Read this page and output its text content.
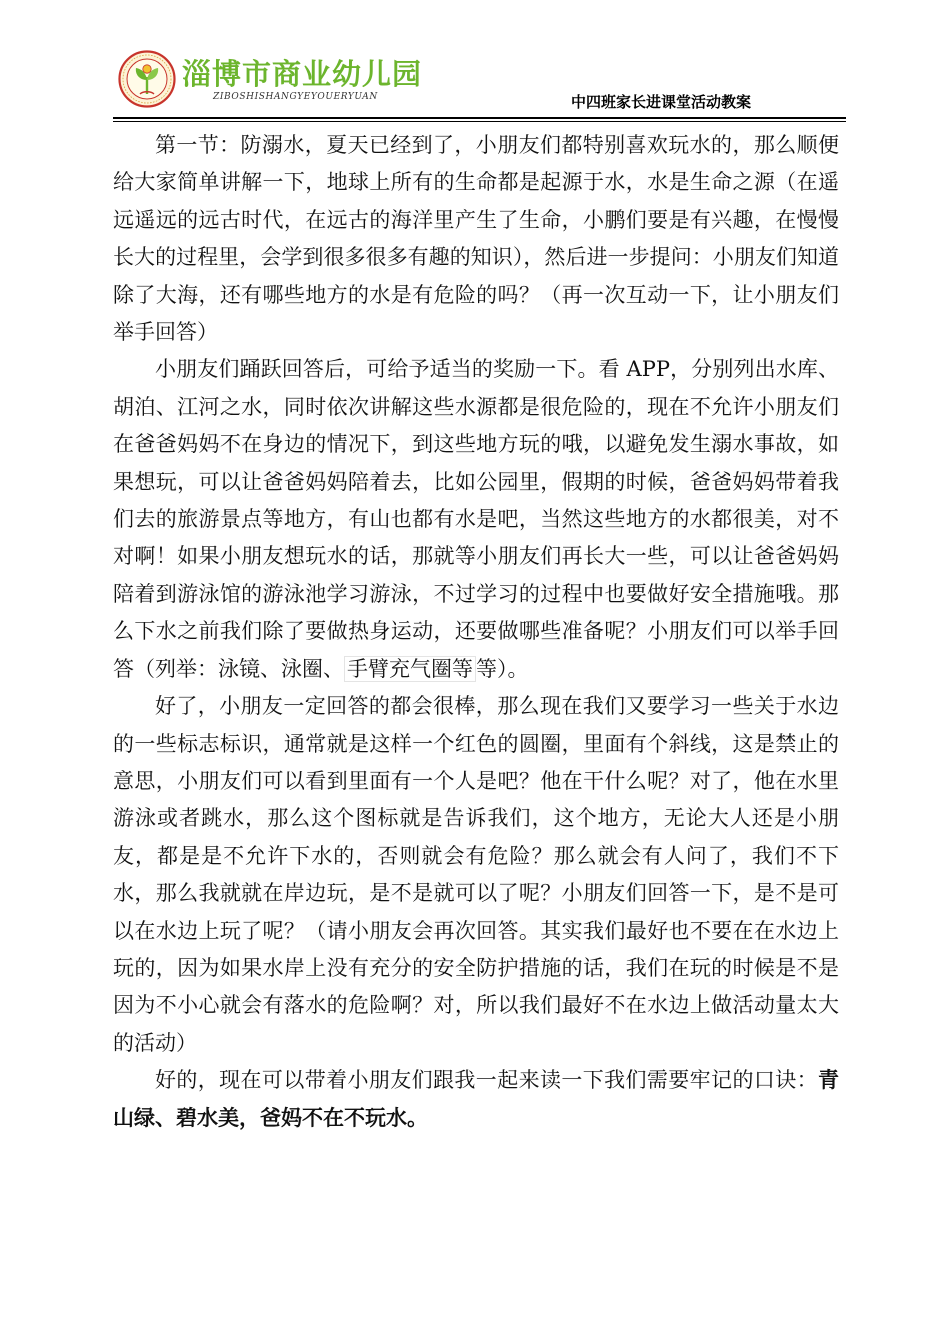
淄博市商业幼儿园
ZIBOSHISHANGYEYOUERYUAN	中四班家长进课堂活动教案

第一节：防溺水，夏天已经到了，小朋友们都特别喜欢玩水的，那么顺便给大家简单讲解一下，地球上所有的生命都是起源于水，水是生命之源（在遥远遥远的远古时代，在远古的海洋里产生了生命，小鹏们要是有兴趣，在慢慢长大的过程里，会学到很多很多有趣的知识），然后进一步提问：小朋友们知道除了大海，还有哪些地方的水是有危险的吗？（再一次互动一下，让小朋友们举手回答）

小朋友们踊跃回答后，可给予适当的奖励一下。看 APP，分别列出水库、胡泊、江河之水，同时依次讲解这些水源都是很危险的，现在不允许小朋友们在爸爸妈妈不在身边的情况下，到这些地方玩的哦，以避免发生溺水事故，如果想玩，可以让爸爸妈妈陪着去，比如公园里，假期的时候，爸爸妈妈带着我们去的旅游景点等地方，有山也都有水是吧，当然这些地方的水都很美，对不对啊！如果小朋友想玩水的话，那就等小朋友们再长大一些，可以让爸爸妈妈陪着到游泳馆的游泳池学习游泳，不过学习的过程中也要做好安全措施哦。那么下水之前我们除了要做热身运动，还要做哪些准备呢？小朋友们可以举手回答（列举：泳镜、泳圈、 手臂充气圈等 等）。

好了，小朋友一定回答的都会很棒，那么现在我们又要学习一些关于水边的一些标志标识，通常就是这样一个红色的圆圈，里面有个斜线，这是禁止的意思，小朋友们可以看到里面有一个人是吧？他在干什么呢？对了，他在水里游泳或者跳水，那么这个图标就是告诉我们，这个地方，无论大人还是小朋友，都是是不允许下水的，否则就会有危险？那么就会有人问了，我们不下水，那么我就就在岸边玩，是不是就可以了呢？小朋友们回答一下，是不是可以在水边上玩了呢？（请小朋友会再次回答。其实我们最好也不要在在水边上玩的，因为如果水岸上没有充分的安全防护措施的话，我们在玩的时候是不是因为不小心就会有落水的危险啊？对，所以我们最好不在水边上做活动量太大的活动）

好的，现在可以带着小朋友们跟我一起来读一下我们需要牢记的口诀：青山绿、碧水美，爸妈不在不玩水。
